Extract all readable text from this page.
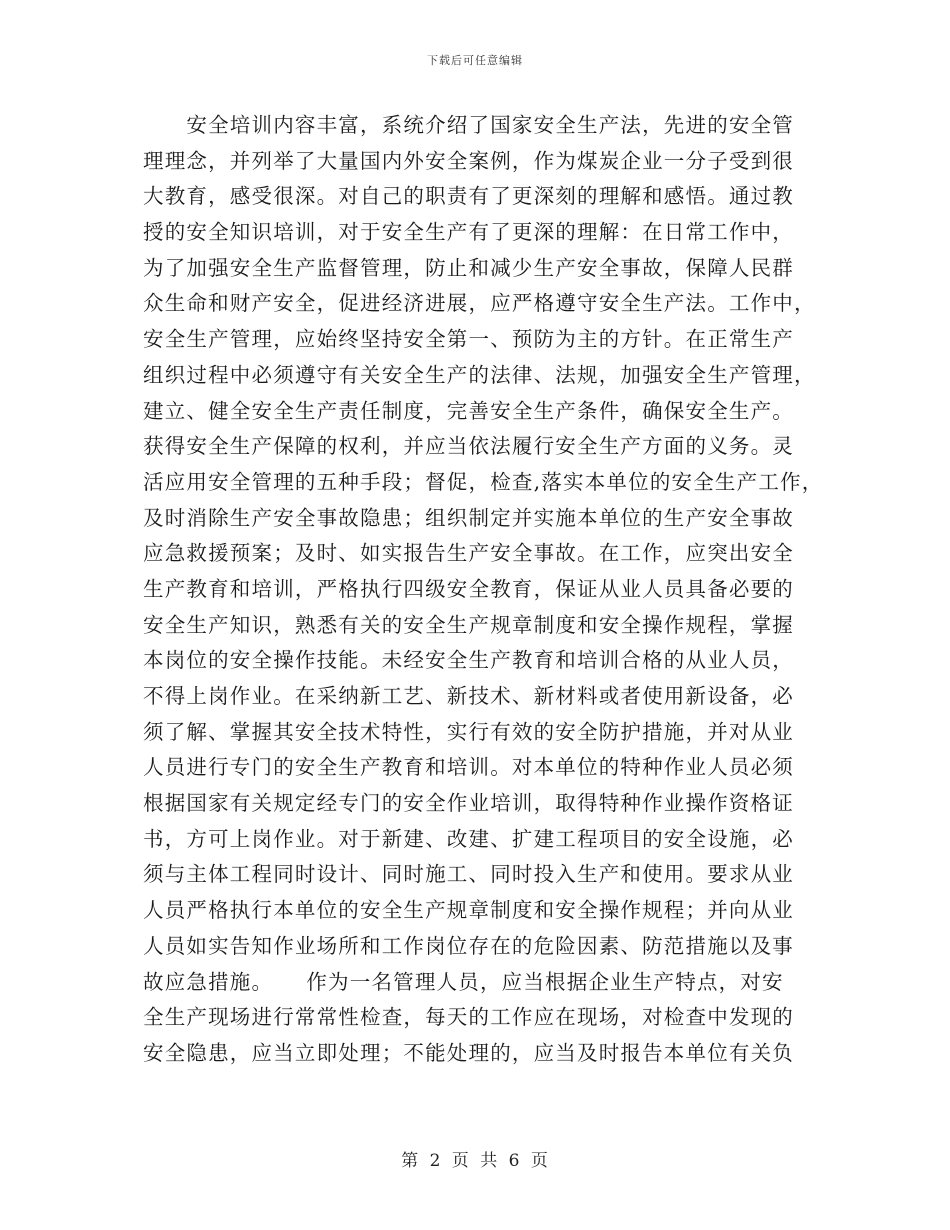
下载后可任意编辑
　　安全培训内容丰富，系统介绍了国家安全生产法，先进的安全管
理理念，并列举了大量国内外安全案例，作为煤炭企业一分子受到很
大教育，感受很深。对自己的职责有了更深刻的理解和感悟。通过教
授的安全知识培训，对于安全生产有了更深的理解：在日常工作中，
为了加强安全生产监督管理，防止和减少生产安全事故，保障人民群
众生命和财产安全，促进经济进展，应严格遵守安全生产法。工作中，
安全生产管理，应始终坚持安全第一、预防为主的方针。在正常生产
组织过程中必须遵守有关安全生产的法律、法规，加强安全生产管理，
建立、健全安全生产责任制度，完善安全生产条件，确保安全生产。
获得安全生产保障的权利，并应当依法履行安全生产方面的义务。灵
活应用安全管理的五种手段；督促，检查,落实本单位的安全生产工作，
及时消除生产安全事故隐患；组织制定并实施本单位的生产安全事故
应急救援预案；及时、如实报告生产安全事故。在工作，应突出安全
生产教育和培训，严格执行四级安全教育，保证从业人员具备必要的
安全生产知识，熟悉有关的安全生产规章制度和安全操作规程，掌握
本岗位的安全操作技能。未经安全生产教育和培训合格的从业人员，
不得上岗作业。在采纳新工艺、新技术、新材料或者使用新设备，必
须了解、掌握其安全技术特性，实行有效的安全防护措施，并对从业
人员进行专门的安全生产教育和培训。对本单位的特种作业人员必须
根据国家有关规定经专门的安全作业培训，取得特种作业操作资格证
书，方可上岗作业。对于新建、改建、扩建工程项目的安全设施，必
须与主体工程同时设计、同时施工、同时投入生产和使用。要求从业
人员严格执行本单位的安全生产规章制度和安全操作规程；并向从业
人员如实告知作业场所和工作岗位存在的危险因素、防范措施以及事
故应急措施。　　作为一名管理人员，应当根据企业生产特点，对安
全生产现场进行常常性检查，每天的工作应在现场，对检查中发现的
安全隐患，应当立即处理；不能处理的，应当及时报告本单位有关负
第 2 页 共 6 页
